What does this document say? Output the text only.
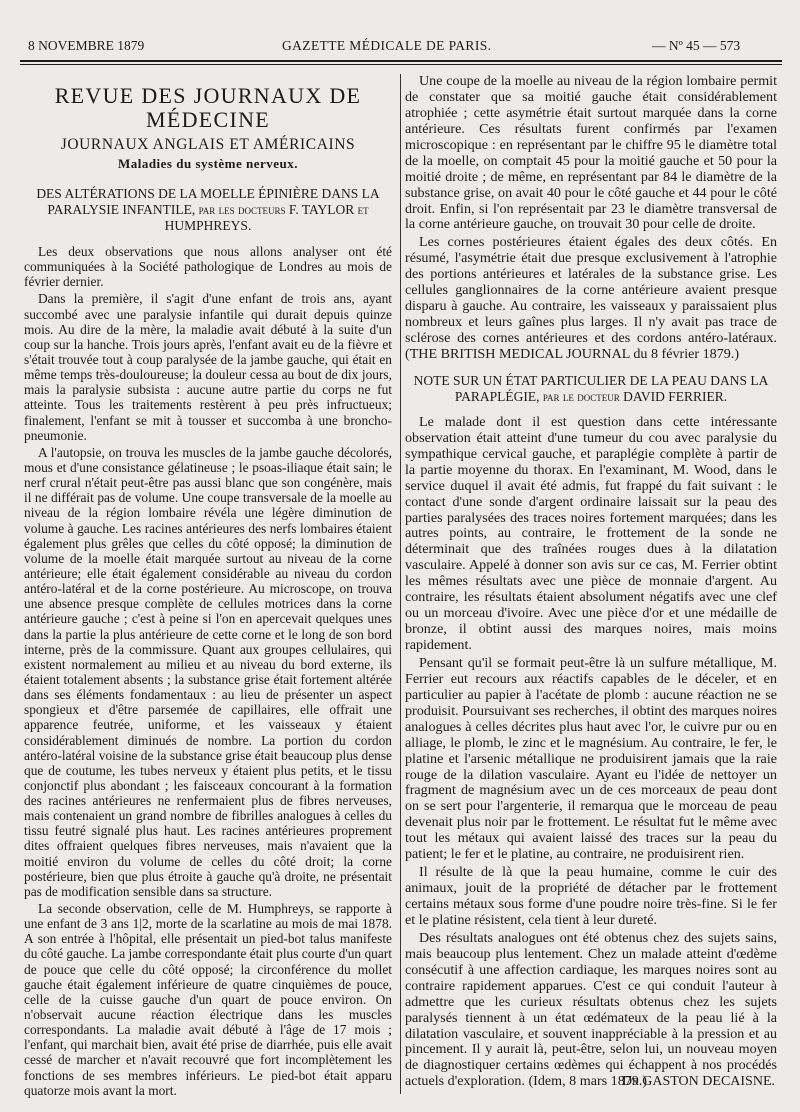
8 NOVEMBRE 1879	GAZETTE MÉDICALE DE PARIS.	— Nº 45 — 573
REVUE DES JOURNAUX DE MÉDECINE
JOURNAUX ANGLAIS ET AMÉRICAINS
Maladies du système nerveux.
DES ALTÉRATIONS DE LA MOELLE ÉPINIÈRE DANS LA PARALYSIE INFANTILE, par les docteurs F. TAYLOR et HUMPHREYS.

Les deux observations que nous allons analyser ont été communiquées à la Société pathologique de Londres au mois de février dernier.

Dans la première, il s'agit d'une enfant de trois ans, ayant succombé avec une paralysie infantile qui durait depuis quinze mois. Au dire de la mère, la maladie avait débuté à la suite d'un coup sur la hanche. Trois jours après, l'enfant avait eu de la fièvre et s'était trouvée tout à coup paralysée de la jambe gauche, qui était en même temps très-douloureuse; la douleur cessa au bout de dix jours, mais la paralysie subsista : aucune autre partie du corps ne fut atteinte. Tous les traitements restèrent à peu près infructueux; finalement, l'enfant se mit à tousser et succomba à une broncho-pneumonie.

A l'autopsie, on trouva les muscles de la jambe gauche décolorés, mous et d'une consistance gélatineuse ; le psoas-iliaque était sain; le nerf crural n'était peut-être pas aussi blanc que son congénère, mais il ne différait pas de volume. Une coupe transversale de la moelle au niveau de la région lombaire révéla une légère diminution de volume à gauche. Les racines antérieures des nerfs lombaires étaient également plus grêles que celles du côté opposé; la diminution de volume de la moelle était marquée surtout au niveau de la corne antérieure; elle était également considérable au niveau du cordon antéro-latéral et de la corne postérieure. Au microscope, on trouva une absence presque complète de cellules motrices dans la corne antérieure gauche ; c'est à peine si l'on en apercevait quelques unes dans la partie la plus antérieure de cette corne et le long de son bord interne, près de la commissure. Quant aux groupes cellulaires, qui existent normalement au milieu et au niveau du bord externe, ils étaient totalement absents ; la substance grise était fortement altérée dans ses éléments fondamentaux : au lieu de présenter un aspect spongieux et d'être parsemée de capillaires, elle offrait une apparence feutrée, uniforme, et les vaisseaux y étaient considérablement diminués de nombre. La portion du cordon antéro-latéral voisine de la substance grise était beaucoup plus dense que de coutume, les tubes nerveux y étaient plus petits, et le tissu conjonctif plus abondant ; les faisceaux concourant à la formation des racines antérieures ne renfermaient plus de fibres nerveuses, mais contenaient un grand nombre de fibrilles analogues à celles du tissu feutré signalé plus haut. Les racines antérieures proprement dites offraient quelques fibres nerveuses, mais n'avaient que la moitié environ du volume de celles du côté droit; la corne postérieure, bien que plus étroite à gauche qu'à droite, ne présentait pas de modification sensible dans sa structure.

La seconde observation, celle de M. Humphreys, se rapporte à une enfant de 3 ans 1|2, morte de la scarlatine au mois de mai 1878. A son entrée à l'hôpital, elle présentait un pied-bot talus manifeste du côté gauche. La jambe correspondante était plus courte d'un quart de pouce que celle du côté opposé; la circonférence du mollet gauche était également inférieure de quatre cinquièmes de pouce, celle de la cuisse gauche d'un quart de pouce environ. On n'observait aucune réaction électrique dans les muscles correspondants. La maladie avait débuté à l'âge de 17 mois ; l'enfant, qui marchait bien, avait été prise de diarrhée, puis elle avait cessé de marcher et n'avait recouvré que fort incomplètement les fonctions de ses membres inférieurs. Le pied-bot était apparu quatorze mois avant la mort.

Une coupe de la moelle au niveau de la région lombaire permit de constater que sa moitié gauche était considérablement atrophiée ; cette asymétrie était surtout marquée dans la corne antérieure. Ces résultats furent confirmés par l'examen microscopique : en représentant par le chiffre 95 le diamètre total de la moelle, on comptait 45 pour la moitié gauche et 50 pour la moitié droite ; de même, en représentant par 84 le diamètre de la substance grise, on avait 40 pour le côté gauche et 44 pour le côté droit. Enfin, si l'on représentait par 23 le diamètre transversal de la corne antérieure gauche, on trouvait 30 pour celle de droite.

Les cornes postérieures étaient égales des deux côtés. En résumé, l'asymétrie était due presque exclusivement à l'atrophie des portions antérieures et latérales de la substance grise. Les cellules ganglionnaires de la corne antérieure avaient presque disparu à gauche. Au contraire, les vaisseaux y paraissaient plus nombreux et leurs gaînes plus larges. Il n'y avait pas trace de sclérose des cornes antérieures et des cordons antéro-latéraux. (THE BRITISH MEDICAL JOURNAL du 8 février 1879.)

NOTE SUR UN ÉTAT PARTICULIER DE LA PEAU DANS LA PARAPLÉGIE, par le docteur DAVID FERRIER.

Le malade dont il est question dans cette intéressante observation était atteint d'une tumeur du cou avec paralysie du sympathique cervical gauche, et paraplégie complète à partir de la partie moyenne du thorax. En l'examinant, M. Wood, dans le service duquel il avait été admis, fut frappé du fait suivant : le contact d'une sonde d'argent ordinaire laissait sur la peau des parties paralysées des traces noires fortement marquées; dans les autres points, au contraire, le frottement de la sonde ne déterminait que des traînées rouges dues à la dilatation vasculaire. Appelé à donner son avis sur ce cas, M. Ferrier obtint les mêmes résultats avec une pièce de monnaie d'argent. Au contraire, les résultats étaient absolument négatifs avec une clef ou un morceau d'ivoire. Avec une pièce d'or et une médaille de bronze, il obtint aussi des marques noires, mais moins rapidement.

Pensant qu'il se formait peut-être là un sulfure métallique, M. Ferrier eut recours aux réactifs capables de le déceler, et en particulier au papier à l'acétate de plomb : aucune réaction ne se produisit. Poursuivant ses recherches, il obtint des marques noires analogues à celles décrites plus haut avec l'or, le cuivre pur ou en alliage, le plomb, le zinc et le magnésium. Au contraire, le fer, le platine et l'arsenic métallique ne produisirent jamais que la raie rouge de la dilation vasculaire. Ayant eu l'idée de nettoyer un fragment de magnésium avec un de ces morceaux de peau dont on se sert pour l'argenterie, il remarqua que le morceau de peau devenait plus noir par le frottement. Le résultat fut le même avec tout les métaux qui avaient laissé des traces sur la peau du patient; le fer et le platine, au contraire, ne produisirent rien.

Il résulte de là que la peau humaine, comme le cuir des animaux, jouit de la propriété de détacher par le frottement certains métaux sous forme d'une poudre noire très-fine. Si le fer et le platine résistent, cela tient à leur dureté.

Des résultats analogues ont été obtenus chez des sujets sains, mais beaucoup plus lentement. Chez un malade atteint d'œdème consécutif à une affection cardiaque, les marques noires sont au contraire rapidement apparues. C'est ce qui conduit l'auteur à admettre que les curieux résultats obtenus chez les sujets paralysés tiennent à un état œdémateux de la peau lié à la dilatation vasculaire, et souvent inappréciable à la pression et au pincement. Il y aurait là, peut-être, selon lui, un nouveau moyen de diagnostiquer certains œdèmes qui échappent à nos procédés actuels d'exploration. (Idem, 8 mars 1879.)

Dr GASTON DECAISNE.
